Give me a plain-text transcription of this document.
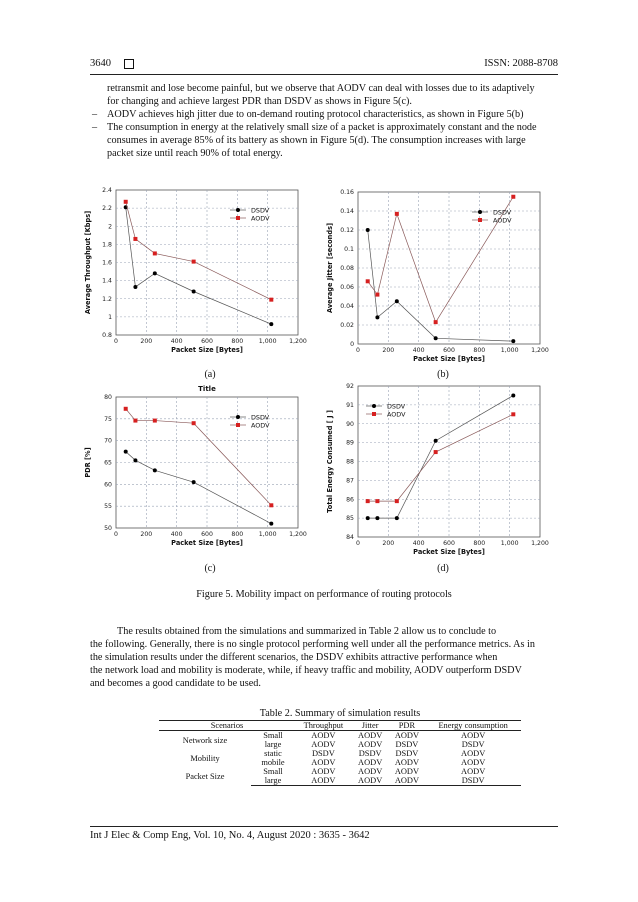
3640	ISSN: 2088-8708
retransmit and lose become painful, but we observe that AODV can deal with losses due to its adaptively
for changing and achieve largest PDR than DSDV as shows in Figure 5(c).
– AODV achieves high jitter due to on-demand routing protocol characteristics, as shown in Figure 5(b)
– The consumption in energy at the relatively small size of a packet is approximately constant and the node
consumes in average 85% of its battery as shown in Figure 5(d). The consumption increases with large
packet size until reach 90% of total energy.
0	200	400	600	800	1,000 1,200
0.8
1
1.2
1.4
1.6
1.8
2
2.2
2.4
Packet Size [Bytes]
Average Throughput [Kbps]
DSDV
AODV
0	200	400	600	800	1,000 1,200
0
0.02
0.04
0.06
0.08
0.1
0.12
0.14
0.16
Packet Size [Bytes]
Average Jitter [seconds]
DSDV
AODV
0	200	400	600	800	1,000 1,200
50
55
60
65
70
75
80
Packet Size [Bytes]
PDR [%]
Title
DSDV
AODV
0	200	400	600	800	1,000 1,200
84
85
86
87
88
89
90
91
92
Packet Size [Bytes]
Total Energy Consumed [ J ]
DSDV
AODV
(a)	(b)
(c)	(d)
Figure 5. Mobility impact on performance of routing protocols
The results obtained from the simulations and summarized in Table 2 allow us to conclude to
the following. Generally, there is no single protocol performing well under all the performance metrics. As in
the simulation results under the different scenarios, the DSDV exhibits attractive performance when
the network load and mobility is moderate, while, if heavy traffic and mobility, AODV outperform DSDV
and becomes a good candidate to be used.
Table 2. Summary of simulation results
Scenarios		Throughput	Jitter	PDR	Energy consumption
Network size	Small	AODV	AODV	AODV	AODV
	large	AODV	AODV	DSDV	DSDV
Mobility	static	DSDV	DSDV	DSDV	AODV
	mobile	AODV	AODV	AODV	AODV
Packet Size	Small	AODV	AODV	AODV	AODV
	large	AODV	AODV	AODV	DSDV
Int J Elec & Comp Eng, Vol. 10, No. 4, August 2020 : 3635 - 3642
